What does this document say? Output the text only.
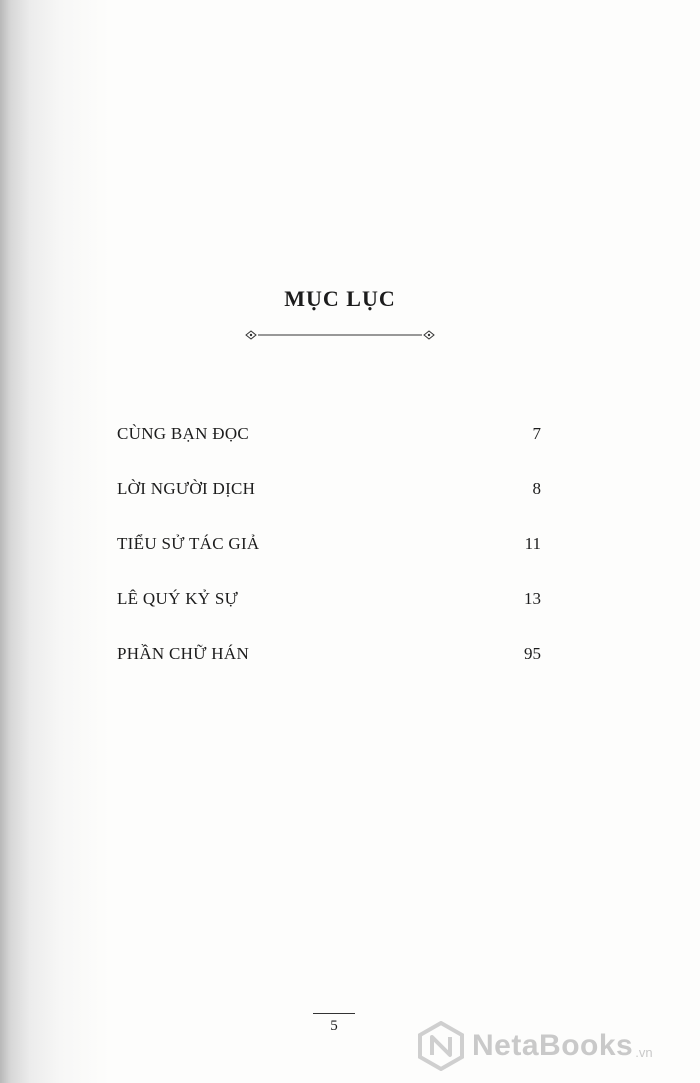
MỤC LỤC
CÙNG BẠN ĐỌC	7
LỜI NGƯỜI DỊCH	8
TIỂU SỬ TÁC GIẢ	11
LÊ QUÝ KỶ SỰ	13
PHẦN CHỮ HÁN	95
5
NetaBooks .vn
